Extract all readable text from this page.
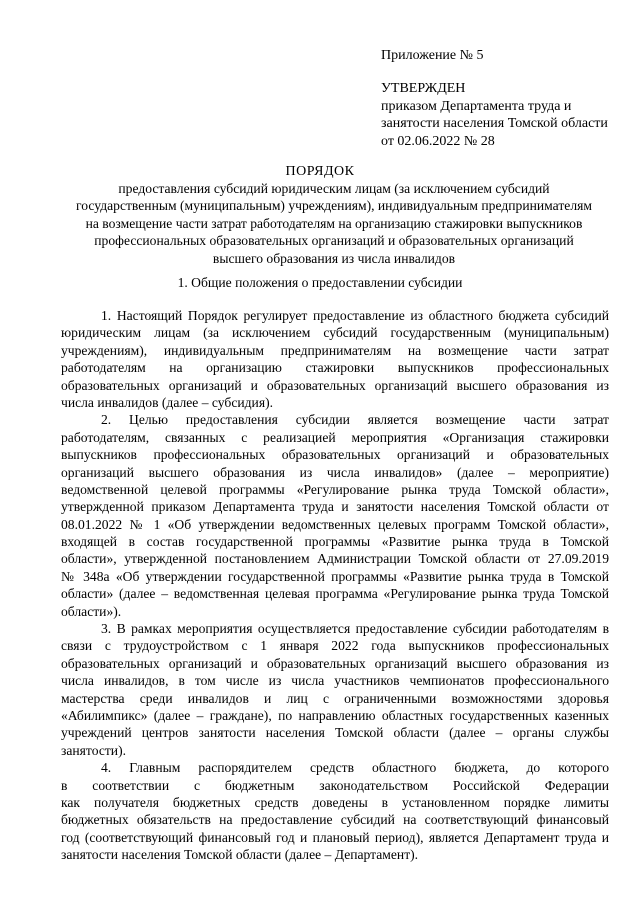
Приложение № 5
УТВЕРЖДЕН
приказом Департамента труда и
занятости населения Томской области
от 02.06.2022 № 28
ПОРЯДОК
предоставления субсидий юридическим лицам (за исключением субсидий
государственным (муниципальным) учреждениям), индивидуальным предпринимателям
на возмещение части затрат работодателям на организацию стажировки выпускников
профессиональных образовательных организаций и образовательных организаций
высшего образования из числа инвалидов
1. Общие положения о предоставлении субсидии
1. Настоящий Порядок регулирует предоставление из областного бюджета субсидий
юридическим лицам (за исключением субсидий государственным (муниципальным)
учреждениям), индивидуальным предпринимателям на возмещение части затрат
работодателям на организацию стажировки выпускников профессиональных
образовательных организаций и образовательных организаций высшего образования из
числа инвалидов (далее – субсидия).
2. Целью предоставления субсидии является возмещение части затрат
работодателям, связанных с реализацией мероприятия «Организация стажировки
выпускников профессиональных образовательных организаций и образовательных
организаций высшего образования из числа инвалидов» (далее – мероприятие)
ведомственной целевой программы «Регулирование рынка труда Томской области»,
утвержденной приказом Департамента труда и занятости населения Томской области от
08.01.2022 № 1 «Об утверждении ведомственных целевых программ Томской области»,
входящей в состав государственной программы «Развитие рынка труда в Томской
области», утвержденной постановлением Администрации Томской области от 27.09.2019
№ 348а «Об утверждении государственной программы «Развитие рынка труда в Томской
области» (далее – ведомственная целевая программа «Регулирование рынка труда Томской
области»).
3. В рамках мероприятия осуществляется предоставление субсидии работодателям в
связи с трудоустройством с 1 января 2022 года выпускников профессиональных
образовательных организаций и образовательных организаций высшего образования из
числа инвалидов, в том числе из числа участников чемпионатов профессионального
мастерства среди инвалидов и лиц с ограниченными возможностями здоровья
«Абилимпикс» (далее – граждане), по направлению областных государственных казенных
учреждений центров занятости населения Томской области (далее – органы службы
занятости).
4. Главным распорядителем средств областного бюджета, до которого
в соответствии с бюджетным законодательством Российской Федерации
как получателя бюджетных средств доведены в установленном порядке лимиты
бюджетных обязательств на предоставление субсидий на соответствующий финансовый
год (соответствующий финансовый год и плановый период), является Департамент труда и
занятости населения Томской области (далее – Департамент).
